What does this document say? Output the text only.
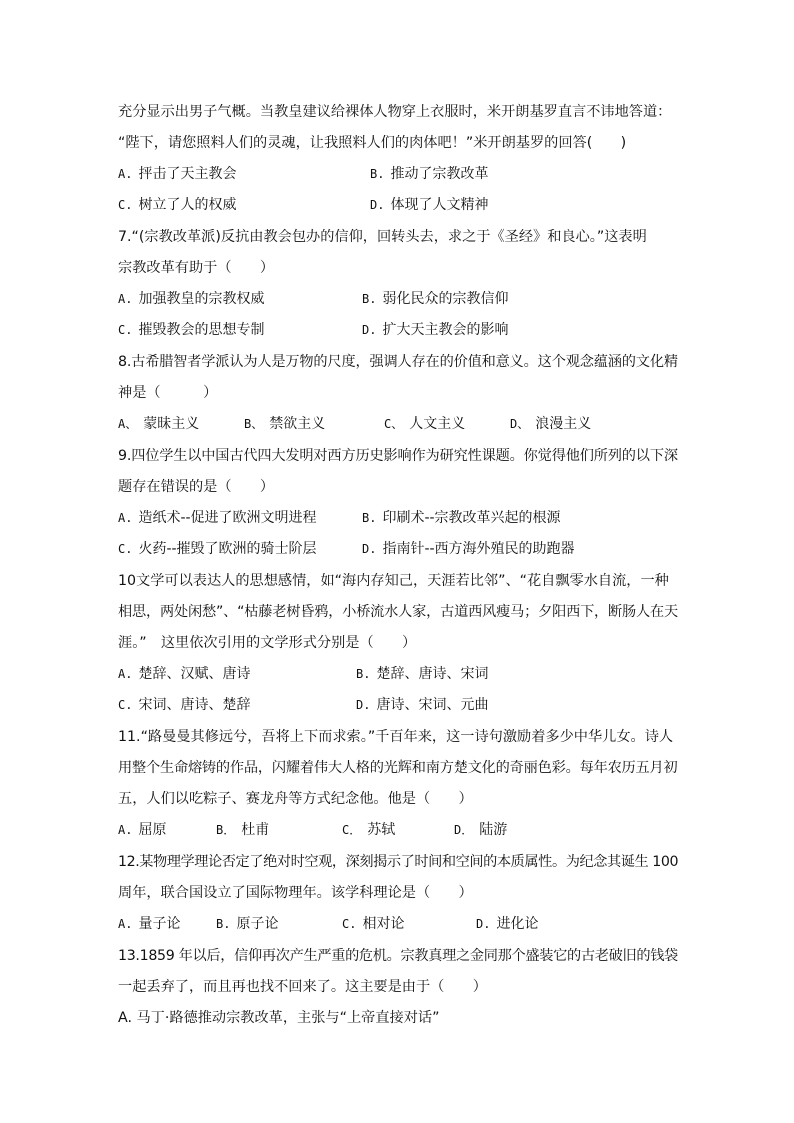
充分显示出男子气概。当教皇建议给裸体人物穿上衣服时，米开朗基罗直言不讳地答道：
“陛下，请您照料人们的灵魂，让我照料人们的肉体吧！”米开朗基罗的回答(　　)
A. 抨击了天主教会	B. 推动了宗教改革
C. 树立了人的权威	D. 体现了人文精神
7.“(宗教改革派)反抗由教会包办的信仰，回转头去，求之于《圣经》和良心。”这表明
宗教改革有助于（　　）
A. 加强教皇的宗教权威	B. 弱化民众的宗教信仰
C. 摧毁教会的思想专制	D. 扩大天主教会的影响
8.古希腊智者学派认为人是万物的尺度，强调人存在的价值和意义。这个观念蕴涵的文化精
神是（　　　）
A、 蒙昧主义	B、 禁欲主义	C、 人文主义	D、 浪漫主义
9.四位学生以中国古代四大发明对西方历史影响作为研究性课题。你觉得他们所列的以下深
题存在错误的是（　　）
A. 造纸术--促进了欧洲文明进程	B. 印刷术--宗教改革兴起的根源
C. 火药--摧毁了欧洲的骑士阶层	D. 指南针--西方海外殖民的助跑器
10文学可以表达人的思想感情，如“海内存知己，天涯若比邻”、“花自飘零水自流，一种
相思，两处闲愁”、“枯藤老树昏鸦，小桥流水人家，古道西风瘦马；夕阳西下，断肠人在天
涯。”　这里依次引用的文学形式分别是（　　）
A. 楚辞、汉赋、唐诗	B. 楚辞、唐诗、宋词
C. 宋词、唐诗、楚辞	D. 唐诗、宋词、元曲
11.“路曼曼其修远兮，吾将上下而求索。”千百年来，这一诗句激励着多少中华儿女。诗人
用整个生命熔铸的作品，闪耀着伟大人格的光辉和南方楚文化的奇丽色彩。每年农历五月初
五，人们以吃粽子、赛龙舟等方式纪念他。他是（　　）
A. 屈原	B． 杜甫	C． 苏轼	D． 陆游
12.某物理学理论否定了绝对时空观，深刻揭示了时间和空间的本质属性。为纪念其诞生 100
周年，联合国设立了国际物理年。该学科理论是（　　）
A. 量子论	B. 原子论	C. 相对论	D. 进化论
13.1859 年以后，信仰再次产生严重的危机。宗教真理之金同那个盛装它的古老破旧的钱袋
一起丢弃了，而且再也找不回来了。这主要是由于（　　）
A. 马丁·路德推动宗教改革，主张与“上帝直接对话”
